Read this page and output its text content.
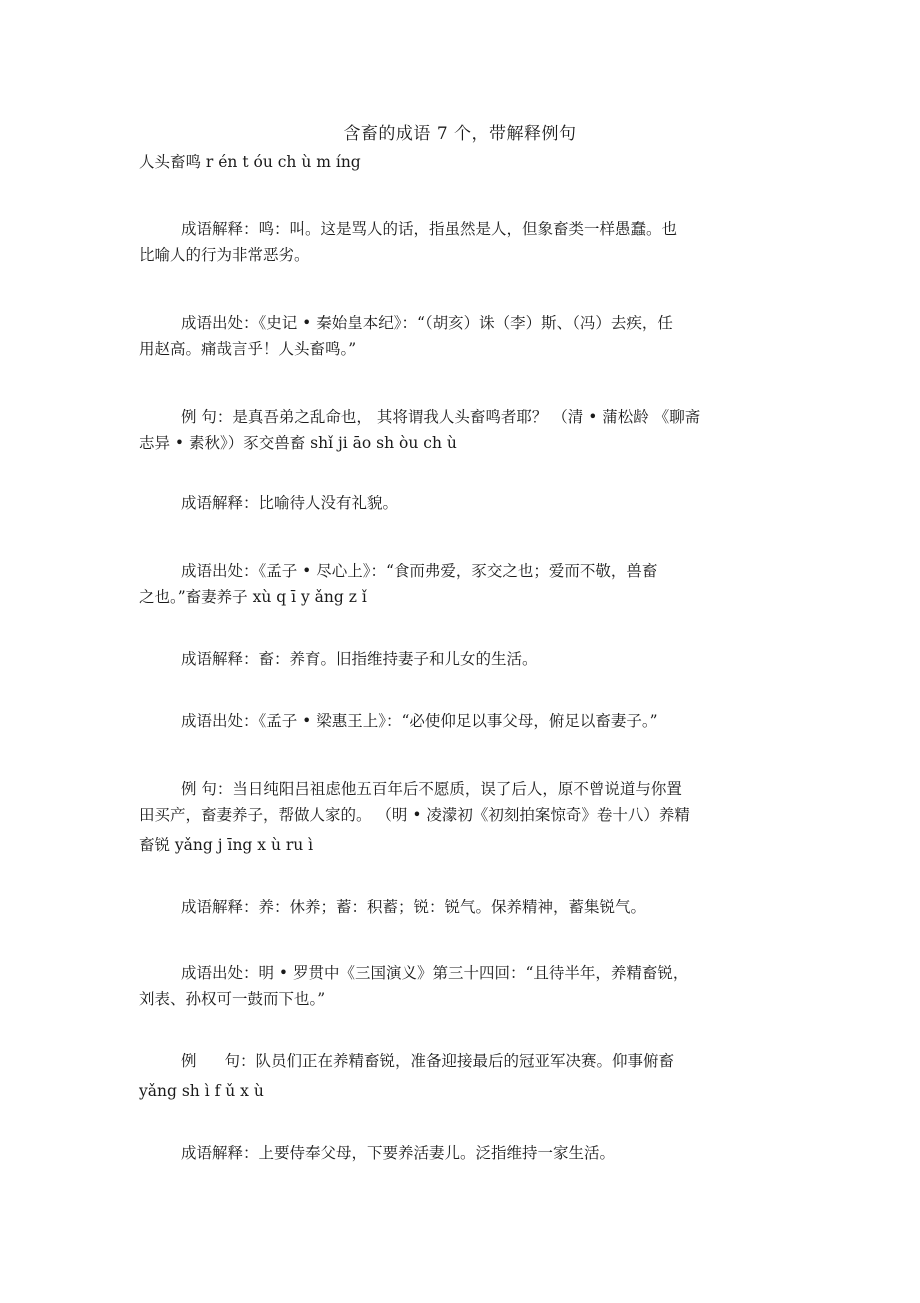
含畜的成语 7 个，带解释例句
人头畜鸣 r én t óu ch ù m íng
成语解释：鸣：叫。这是骂人的话，指虽然是人，但象畜类一样愚蠢。也
比喻人的行为非常恶劣。
成语出处：《史记 • 秦始皇本纪》：“（胡亥）诛（李）斯、（冯）去疾，任
用赵高。痛哉言乎！人头畜鸣。”
例 句：是真吾弟之乱命也， 其将谓我人头畜鸣者耶？ （清 • 蒲松龄 《聊斋
志异 • 素秋》）豕交兽畜 shǐ ji āo sh òu ch ù
成语解释：比喻待人没有礼貌。
成语出处：《孟子 • 尽心上》：“食而弗爱，豕交之也；爱而不敬，兽畜
之也。”畜妻养子 xù q ī y ǎng z ǐ
成语解释：畜：养育。旧指维持妻子和儿女的生活。
成语出处：《孟子 • 梁惠王上》：“必使仰足以事父母，俯足以畜妻子。”
例 句：当日纯阳吕祖虑他五百年后不愿质，误了后人，原不曾说道与你置
田买产，畜妻养子，帮做人家的。 （明 • 凌濛初《初刻拍案惊奇》卷十八）养精
畜锐 yǎng j īng x ù ru ì
成语解释：养：休养；蓄：积蓄；锐：锐气。保养精神，蓄集锐气。
成语出处：明 • 罗贯中《三国演义》第三十四回：“且待半年，养精畜锐，
刘表、孙权可一鼓而下也。”
例 句：队员们正在养精畜锐，准备迎接最后的冠亚军决赛。仰事俯畜
yǎng sh ì f ǔ x ù
成语解释：上要侍奉父母，下要养活妻儿。泛指维持一家生活。
